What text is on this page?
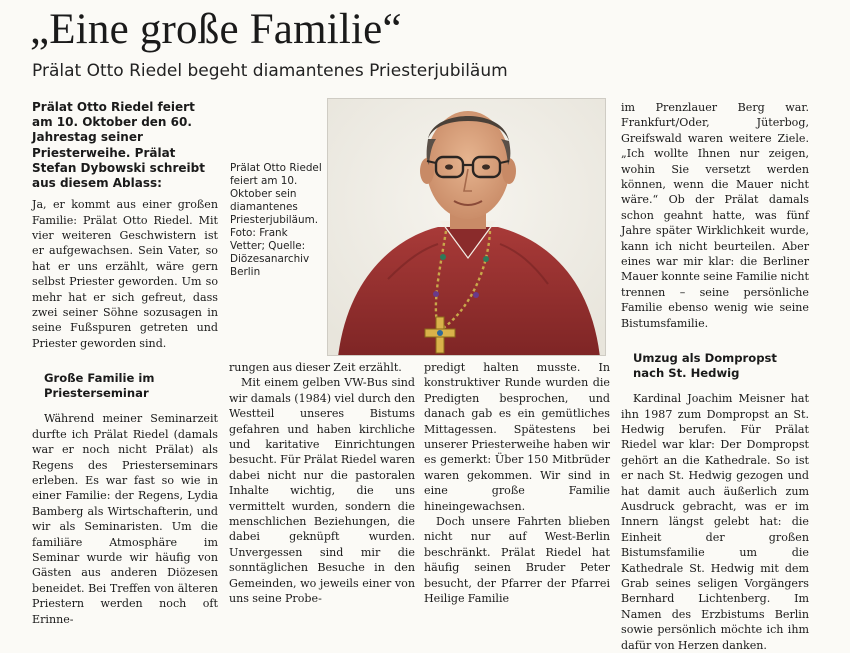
„Eine große Familie“
Prälat Otto Riedel begeht diamantenes Priesterjubiläum

Prälat Otto Riedel feiert am 10. Oktober den 60. Jahrestag seiner Priesterweihe. Prälat Stefan Dybowski schreibt aus diesem Ablass:

Ja, er kommt aus einer großen Familie: Prälat Otto Riedel. Mit vier weiteren Geschwistern ist er aufgewachsen. Sein Vater, so hat er uns erzählt, wäre gern selbst Priester geworden. Um so mehr hat er sich gefreut, dass zwei seiner Söhne sozusagen in seine Fußspuren getreten und Priester geworden sind.

Große Familie im Priesterseminar

Während meiner Seminarzeit durfte ich Prälat Riedel (damals war er noch nicht Prälat) als Regens des Priesterseminars erleben. Es war fast so wie in einer Familie: der Regens, Lydia Bamberg als Wirtschafterin, und wir als Seminaristen. Um die familiäre Atmosphäre im Seminar wurde wir häufig von Gästen aus anderen Diözesen beneidet. Bei Treffen von älteren Priestern werden noch oft Erinne-

Prälat Otto Riedel feiert am 10. Oktober sein diamantenes Priesterjubiläum. Foto: Frank Vetter; Quelle: Diözesanarchiv Berlin

rungen aus dieser Zeit erzählt.

Mit einem gelben VW-Bus sind wir damals (1984) viel durch den Westteil unseres Bistums gefahren und haben kirchliche und karitative Einrichtungen besucht. Für Prälat Riedel waren dabei nicht nur die pastoralen Inhalte wichtig, die uns vermittelt wurden, sondern die menschlichen Beziehungen, die dabei geknüpft wurden. Unvergessen sind mir die sonntäglichen Besuche in den Gemeinden, wo jeweils einer von uns seine Probe-

predigt halten musste. In konstruktiver Runde wurden die Predigten besprochen, und danach gab es ein gemütliches Mittagessen. Spätestens bei unserer Priesterweihe haben wir es gemerkt: Über 150 Mitbrüder waren gekommen. Wir sind in eine große Familie hineingewachsen.

Doch unsere Fahrten blieben nicht nur auf West-Berlin beschränkt. Prälat Riedel hat häufig seinen Bruder Peter besucht, der Pfarrer der Pfarrei Heilige Familie

im Prenzlauer Berg war. Frankfurt/Oder, Jüterbog, Greifswald waren weitere Ziele. „Ich wollte Ihnen nur zeigen, wohin Sie versetzt werden können, wenn die Mauer nicht wäre.“ Ob der Prälat damals schon geahnt hatte, was fünf Jahre später Wirklichkeit wurde, kann ich nicht beurteilen. Aber eines war mir klar: die Berliner Mauer konnte seine Familie nicht trennen – seine persönliche Familie ebenso wenig wie seine Bistumsfamilie.

Umzug als Dompropst nach St. Hedwig

Kardinal Joachim Meisner hat ihn 1987 zum Dompropst an St. Hedwig berufen. Für Prälat Riedel war klar: Der Dompropst gehört an die Kathedrale. So ist er nach St. Hedwig gezogen und hat damit auch äußerlich zum Ausdruck gebracht, was er im Innern längst gelebt hat: die Einheit der großen Bistumsfamilie um die Kathedrale St. Hedwig mit dem Grab seines seligen Vorgängers Bernhard Lichtenberg. Im Namen des Erzbistums Berlin sowie persönlich möchte ich ihm dafür von Herzen danken.
